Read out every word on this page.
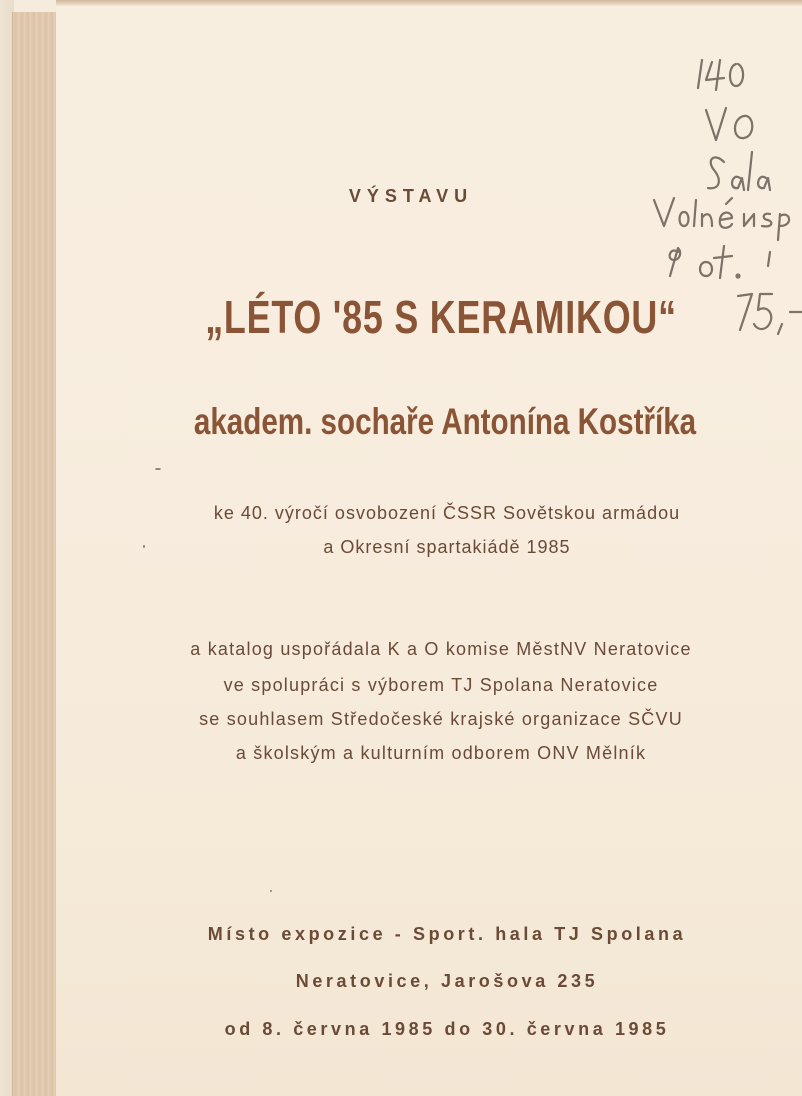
VÝSTAVU
„LÉTO '85 S KERAMIKOU“
akadem. sochaře Antonína Kostříka
ke 40. výročí osvobození ČSSR Sovětskou armádou
a Okresní spartakiádě 1985
a katalog uspořádala K a O komise MěstNV Neratovice
ve spolupráci s výborem TJ Spolana Neratovice
se souhlasem Středočeské krajské organizace SČVU
a školským a kulturním odborem ONV Mělník
Místo expozice - Sport. hala TJ Spolana
Neratovice, Jarošova 235
od 8. června 1985 do 30. června 1985
